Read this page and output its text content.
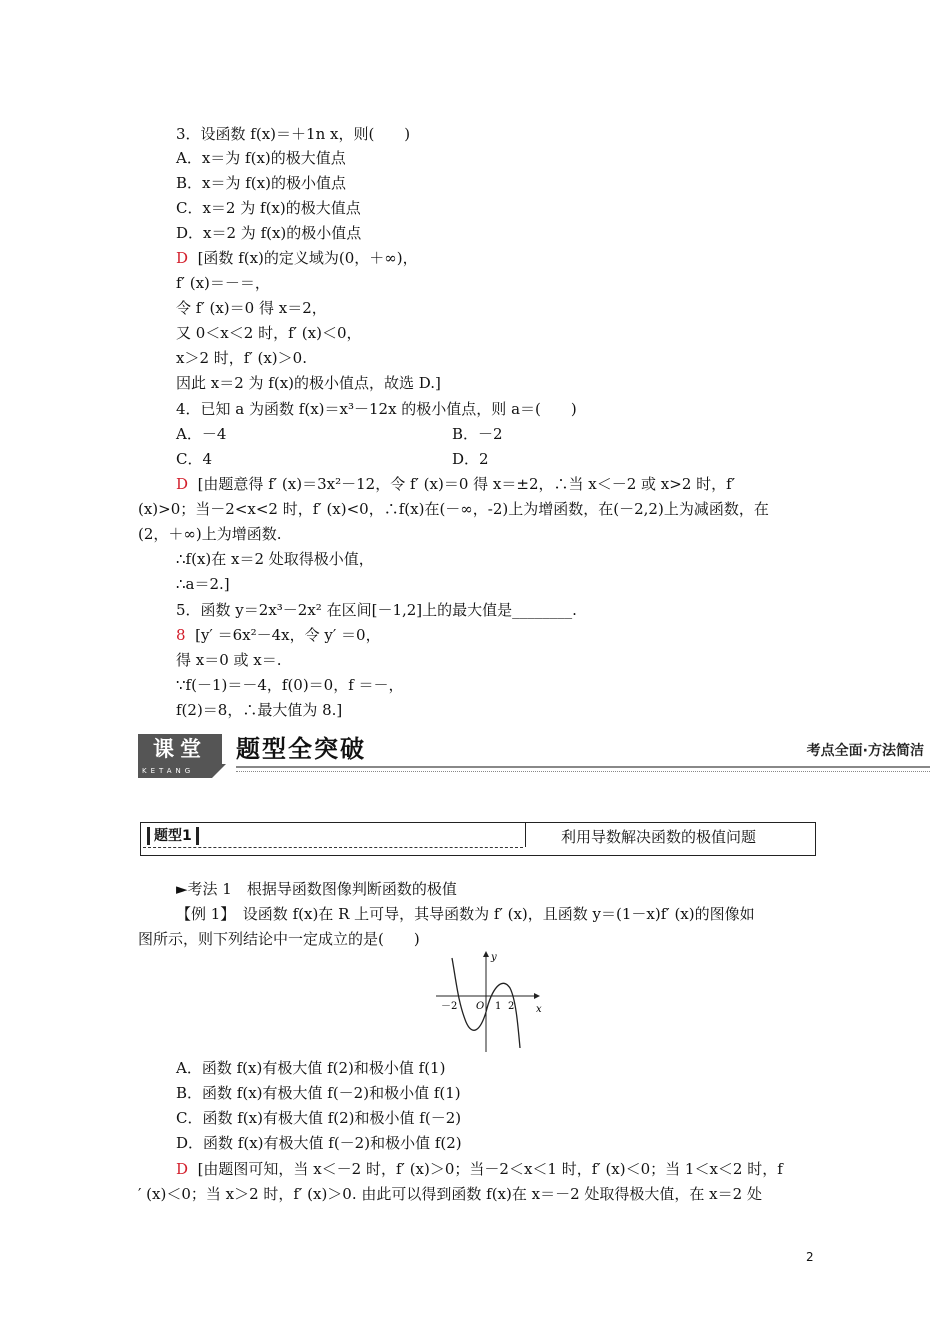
3．设函数 f(x)＝＋1n x，则(　　)
A．x＝为 f(x)的极大值点
B．x＝为 f(x)的极小值点
C．x＝2 为 f(x)的极大值点
D．x＝2 为 f(x)的极小值点
D [函数 f(x)的定义域为(0，＋∞)，
f′ (x)＝－＝，
令 f′ (x)＝0 得 x＝2，
又 0＜x＜2 时，f′ (x)＜0，
x＞2 时，f′ (x)＞0.
因此 x＝2 为 f(x)的极小值点，故选 D.]
4．已知 a 为函数 f(x)＝x³－12x 的极小值点，则 a＝(　　)
A．－4	B．－2
C．4	D．2
D [由题意得 f′ (x)＝3x²－12，令 f′ (x)＝0 得 x＝±2，∴当 x＜－2 或 x>2 时，f′
(x)>0；当－2<x<2 时，f′ (x)<0，∴f(x)在(－∞，-2)上为增函数，在(－2,2)上为减函数，在
(2，＋∞)上为增函数.
∴f(x)在 x＝2 处取得极小值，
∴a＝2.]
5．函数 y＝2x³－2x² 在区间[－1,2]上的最大值是________.
8 [y′ ＝6x²－4x，令 y′ ＝0，
得 x＝0 或 x＝.
∵f(－1)＝－4，f(0)＝0，f ＝－，
f(2)＝8，∴最大值为 8.]
课堂
KETANG
题型全突破	考点全面·方法简洁
题型1	利用导数解决函数的极值问题
►考法 1　根据导函数图像判断函数的极值
【例 1】　设函数 f(x)在 R 上可导，其导函数为 f′ (x)，且函数 y＝(1－x)f′ (x)的图像如
图所示，则下列结论中一定成立的是(　　)
y
x
－2 O 1 2
A．函数 f(x)有极大值 f(2)和极小值 f(1)
B．函数 f(x)有极大值 f(－2)和极小值 f(1)
C．函数 f(x)有极大值 f(2)和极小值 f(－2)
D．函数 f(x)有极大值 f(－2)和极小值 f(2)
D [由题图可知，当 x＜－2 时，f′ (x)＞0；当－2＜x＜1 时，f′ (x)＜0；当 1＜x＜2 时，f
′ (x)＜0；当 x＞2 时，f′ (x)＞0. 由此可以得到函数 f(x)在 x＝－2 处取得极大值，在 x＝2 处
2
